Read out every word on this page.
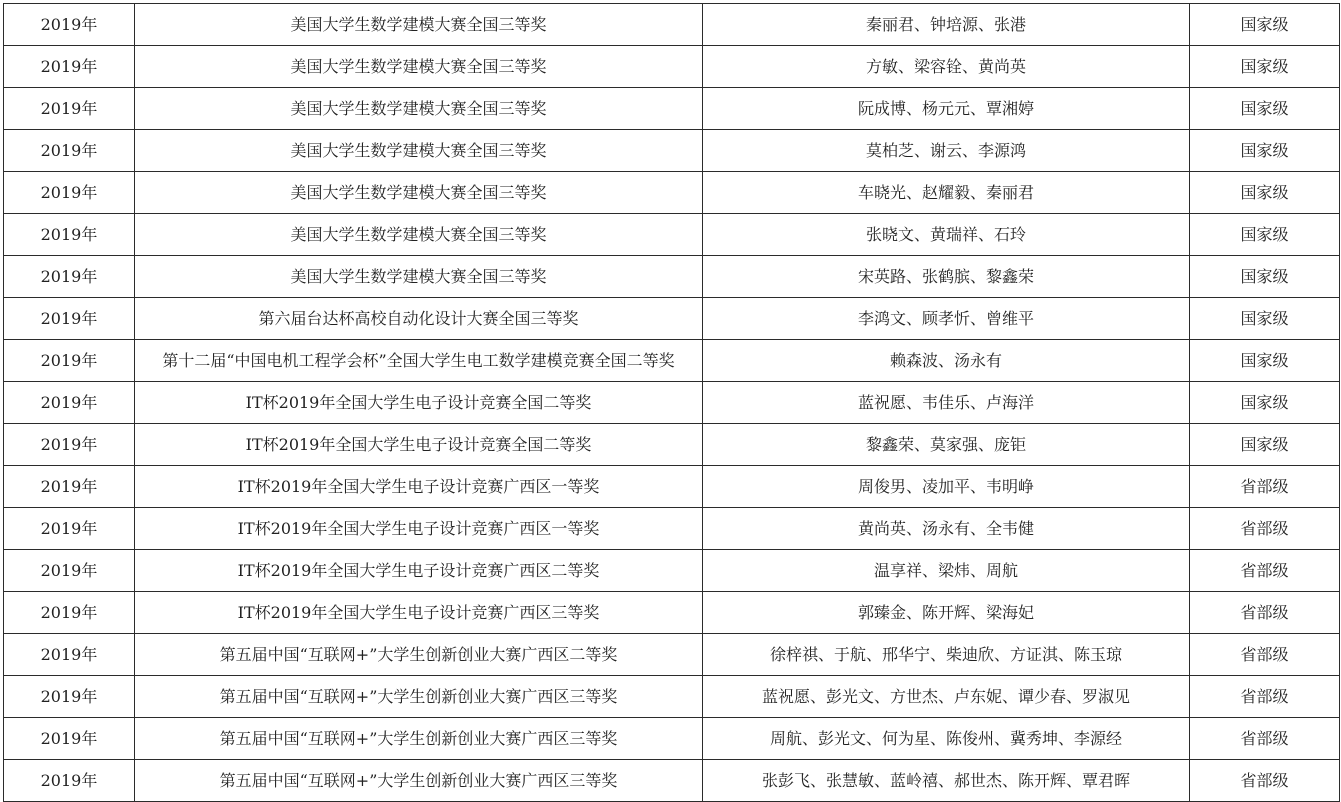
2019年	美国大学生数学建模大赛全国三等奖	秦丽君、钟培源、张港	国家级
2019年	美国大学生数学建模大赛全国三等奖	方敏、梁容铨、黄尚英	国家级
2019年	美国大学生数学建模大赛全国三等奖	阮成博、杨元元、覃湘婷	国家级
2019年	美国大学生数学建模大赛全国三等奖	莫柏芝、谢云、李源鸿	国家级
2019年	美国大学生数学建模大赛全国三等奖	车晓光、赵耀毅、秦丽君	国家级
2019年	美国大学生数学建模大赛全国三等奖	张晓文、黄瑞祥、石玲	国家级
2019年	美国大学生数学建模大赛全国三等奖	宋英路、张鹤膑、黎鑫荣	国家级
2019年	第六届台达杯高校自动化设计大赛全国三等奖	李鸿文、顾孝忻、曾维平	国家级
2019年	第十二届“中国电机工程学会杯”全国大学生电工数学建模竞赛全国二等奖	赖森波、汤永有	国家级
2019年	IT杯2019年全国大学生电子设计竞赛全国二等奖	蓝祝愿、韦佳乐、卢海洋	国家级
2019年	IT杯2019年全国大学生电子设计竞赛全国二等奖	黎鑫荣、莫家强、庞钜	国家级
2019年	IT杯2019年全国大学生电子设计竞赛广西区一等奖	周俊男、凌加平、韦明峥	省部级
2019年	IT杯2019年全国大学生电子设计竞赛广西区一等奖	黄尚英、汤永有、全韦健	省部级
2019年	IT杯2019年全国大学生电子设计竞赛广西区二等奖	温享祥、梁炜、周航	省部级
2019年	IT杯2019年全国大学生电子设计竞赛广西区三等奖	郭臻金、陈开辉、梁海妃	省部级
2019年	第五届中国“互联网+”大学生创新创业大赛广西区二等奖	徐梓祺、于航、邢华宁、柴迪欣、方证淇、陈玉琼	省部级
2019年	第五届中国“互联网+”大学生创新创业大赛广西区三等奖	蓝祝愿、彭光文、方世杰、卢东妮、谭少春、罗淑见	省部级
2019年	第五届中国“互联网+”大学生创新创业大赛广西区三等奖	周航、彭光文、何为星、陈俊州、冀秀坤、李源经	省部级
2019年	第五届中国“互联网+”大学生创新创业大赛广西区三等奖	张彭飞、张慧敏、蓝岭禧、郝世杰、陈开辉、覃君晖	省部级
